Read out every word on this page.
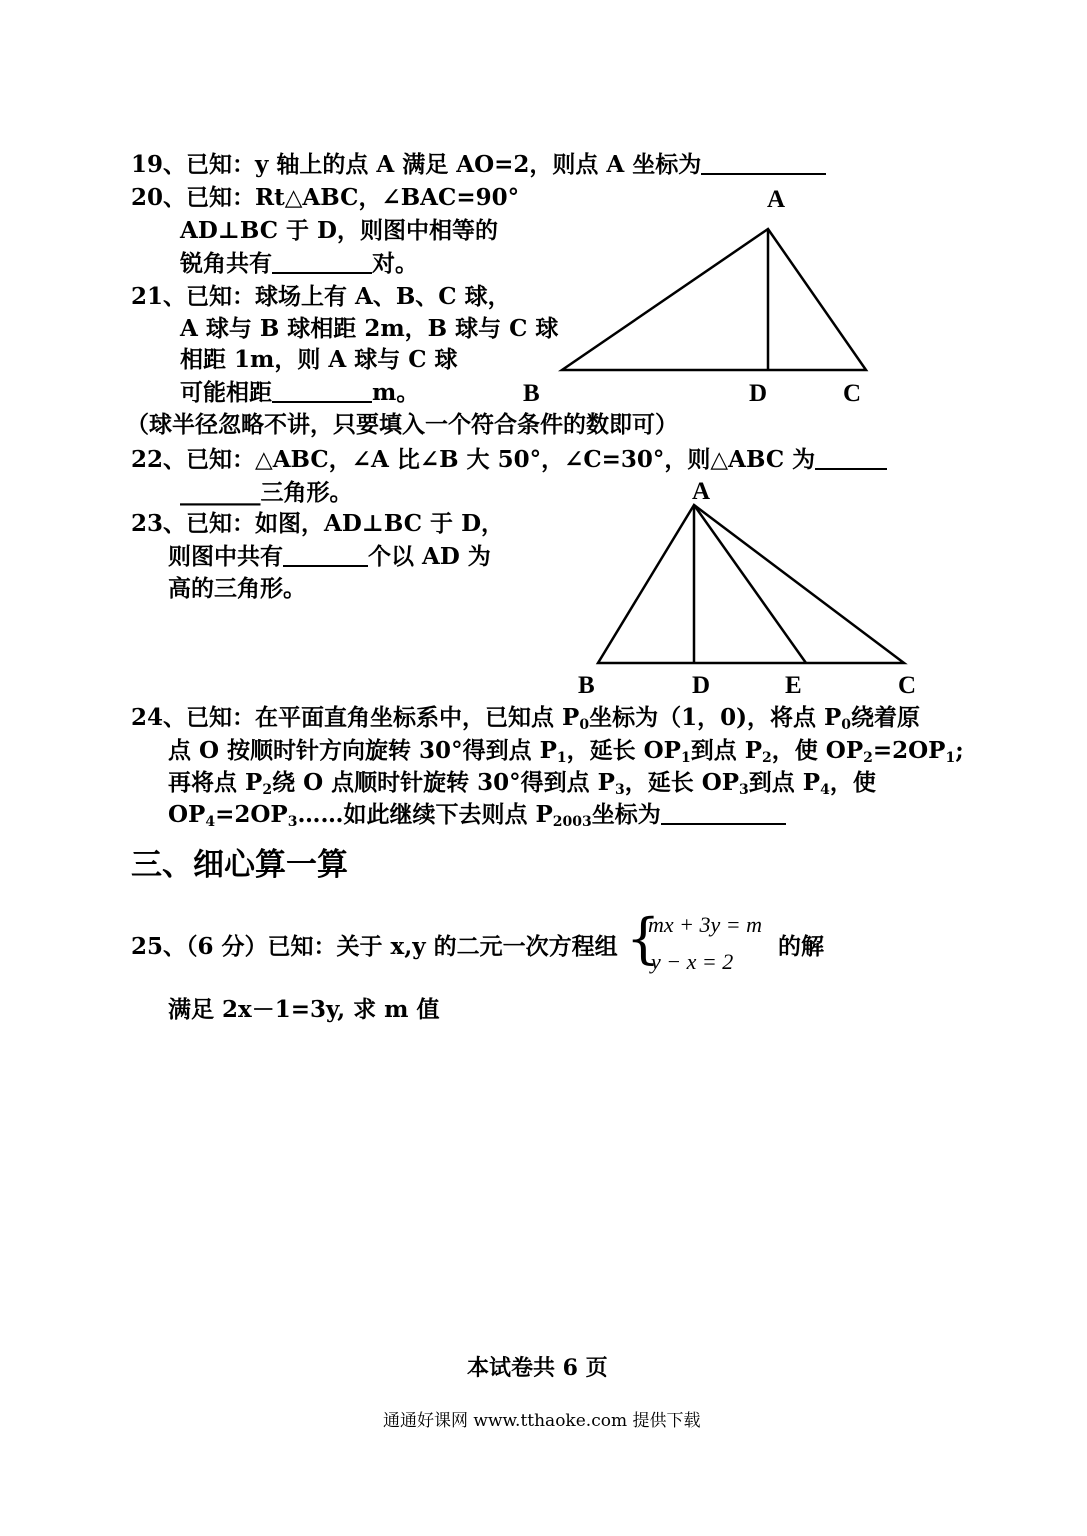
19、已知：y 轴上的点 A 满足 AO=2，则点 A 坐标为
20、已知：Rt△ABC，∠BAC=90°
AD⊥BC 于 D，则图中相等的
锐角共有	对。
21、已知：球场上有 A、B、C 球，
A 球与 B 球相距 2m，B 球与 C 球
相距 1m，则 A 球与 C 球
可能相距	m。
（球半径忽略不讲，只要填入一个符合条件的数即可）
22、已知：△ABC，∠A 比∠B 大 50°，∠C=30°，则△ABC 为
_______三角形。
23、已知：如图，AD⊥BC 于 D，
则图中共有	个以 AD 为
高的三角形。
A
B	D	C
A
B	D	E	C
24、已知：在平面直角坐标系中，已知点 $P_0$坐标为（1，0)，将点 $P_0$绕着原
点 O 按顺时针方向旋转 30°得到点 $P_1$，延长 $OP_1$到点 $P_2$，使 $OP_2=2OP_1$;
再将点 $P_2$绕 O 点顺时针旋转 30°得到点 $P_3$，延长 $OP_3$到点 $P_4$，使
$OP_4=2OP_3\dots\dots$如此继续下去则点 $P_{2003}$坐标为
三、细心算一算
25、（6 分）已知：关于 x,y 的二元一次方程组 {
mx + 3y = m
y − x = 2
的解
满足 2x－1=3y, 求 m 值
本试卷共 6 页
通通好课网 www.tthaoke.com 提供下载
